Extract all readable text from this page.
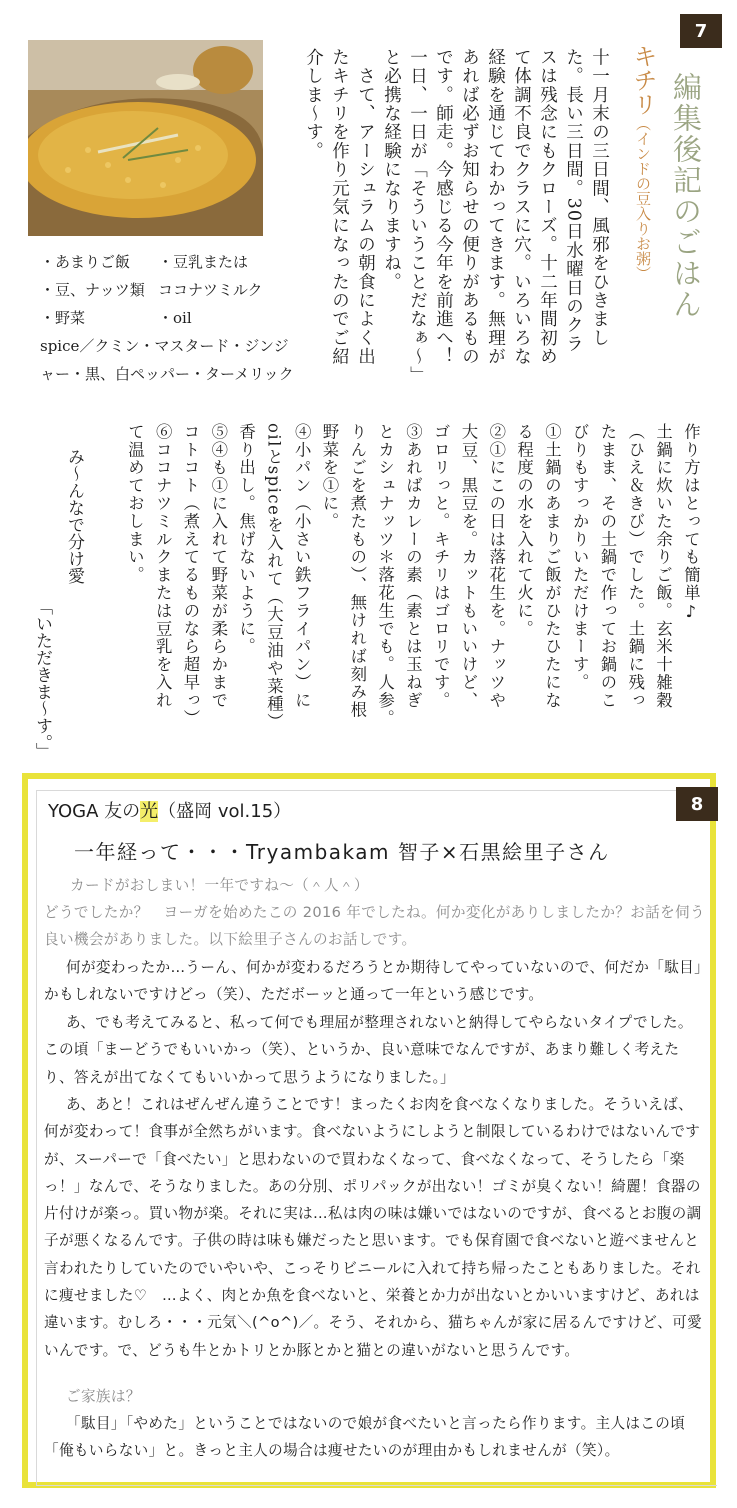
7
・あまりご飯	・豆乳または
・豆、ナッツ類 ココナツミルク
・野菜	・oil
spice／クミン・マスタード・ジンジャー・黒、白ペッパー・ターメリック
編集後記のごはん
キチリ（インドの豆入りお粥）
十一月末の三日間、風邪をひきまし
た。長い三日間。30日水曜日のクラ
スは残念にもクローズ。十二年間初め
て体調不良でクラスに穴。いろいろな
経験を通じてわかってきます。無理が
あれば必ずお知らせの便りがあるもの
です。師走。今感じる今年を前進へ！
一日、一日が「そういうことだなぁ〜」
と必携な経験になりますね。
　さて、アーシュラムの朝食によく出
たキチリを作り元気になったのでご紹
介しま〜す。
作り方はとっても簡単♪
土鍋に炊いた余りご飯。玄米十雑穀
（ひえ＆きび）でした。土鍋に残っ
たまま、その土鍋で作ってお鍋のこ
びりもすっかりいただけまーす。
①土鍋のあまりご飯がひたひたにな
る程度の水を入れて火に。
②①にこの日は落花生を。ナッツや
大豆、黒豆を。カットもいいけど、
ゴロリっと。キチリはゴロリです。
③あればカレーの素（素とは玉ねぎ
とカシュナッツ＊落花生でも。人参。
りんごを煮たもの）、無ければ刻み根
野菜を①に。
④小パン（小さい鉄フライパン）に
oilとspiceを入れて（大豆油や菜種）
香り出し。焦げないように。
⑤④も①に入れて野菜が柔らかまで
コトコト（煮えてるものなら超早っ）
⑥ココナツミルクまたは豆乳を入れ
て温めておしまい。
み〜んなで分け愛
「いただきま〜す。」
8
YOGA 友の光（盛岡 vol.15）
一年経って・・・Tryambakam 智子×石黒絵里子さん
カードがおしまい！一年ですね〜（＾人＾）
どうでしたか？　ヨーガを始めたこの 2016 年でしたね。何か変化がありしましたか？お話を伺う良い機会がありました。以下絵里子さんのお話しです。
何が変わったか…うーん、何かが変わるだろうとか期待してやっていないので、何だか「駄目」かもしれないですけどっ（笑）、ただボーッと通って一年という感じです。
あ、でも考えてみると、私って何でも理屈が整理されないと納得してやらないタイプでした。この頃「まーどうでもいいかっ（笑）、というか、良い意味でなんですが、あまり難しく考えたり、答えが出てなくてもいいかって思うようになりました。」
あ、あと！これはぜんぜん違うことです！まったくお肉を食べなくなりました。そういえば、何が変わって！食事が全然ちがいます。食べないようにしようと制限しているわけではないんですが、スーパーで「食べたい」と思わないので買わなくなって、食べなくなって、そうしたら「楽っ！」なんで、そうなりました。あの分別、ポリパックが出ない！ゴミが臭くない！綺麗！食器の片付けが楽っ。買い物が楽。それに実は…私は肉の味は嫌いではないのですが、食べるとお腹の調子が悪くなるんです。子供の時は味も嫌だったと思います。でも保育園で食べないと遊べませんと言われたりしていたのでいやいや、こっそりビニールに入れて持ち帰ったこともありました。それに痩せました♡　…よく、肉とか魚を食べないと、栄養とか力が出ないとかいいますけど、あれは違います。むしろ・・・元気＼(^o^)／。そう、それから、猫ちゃんが家に居るんですけど、可愛いんです。で、どうも牛とかトリとか豚とかと猫との違いがないと思うんです。
ご家族は？
「駄目」「やめた」ということではないので娘が食べたいと言ったら作ります。主人はこの頃「俺もいらない」と。きっと主人の場合は痩せたいのが理由かもしれませんが（笑）。
